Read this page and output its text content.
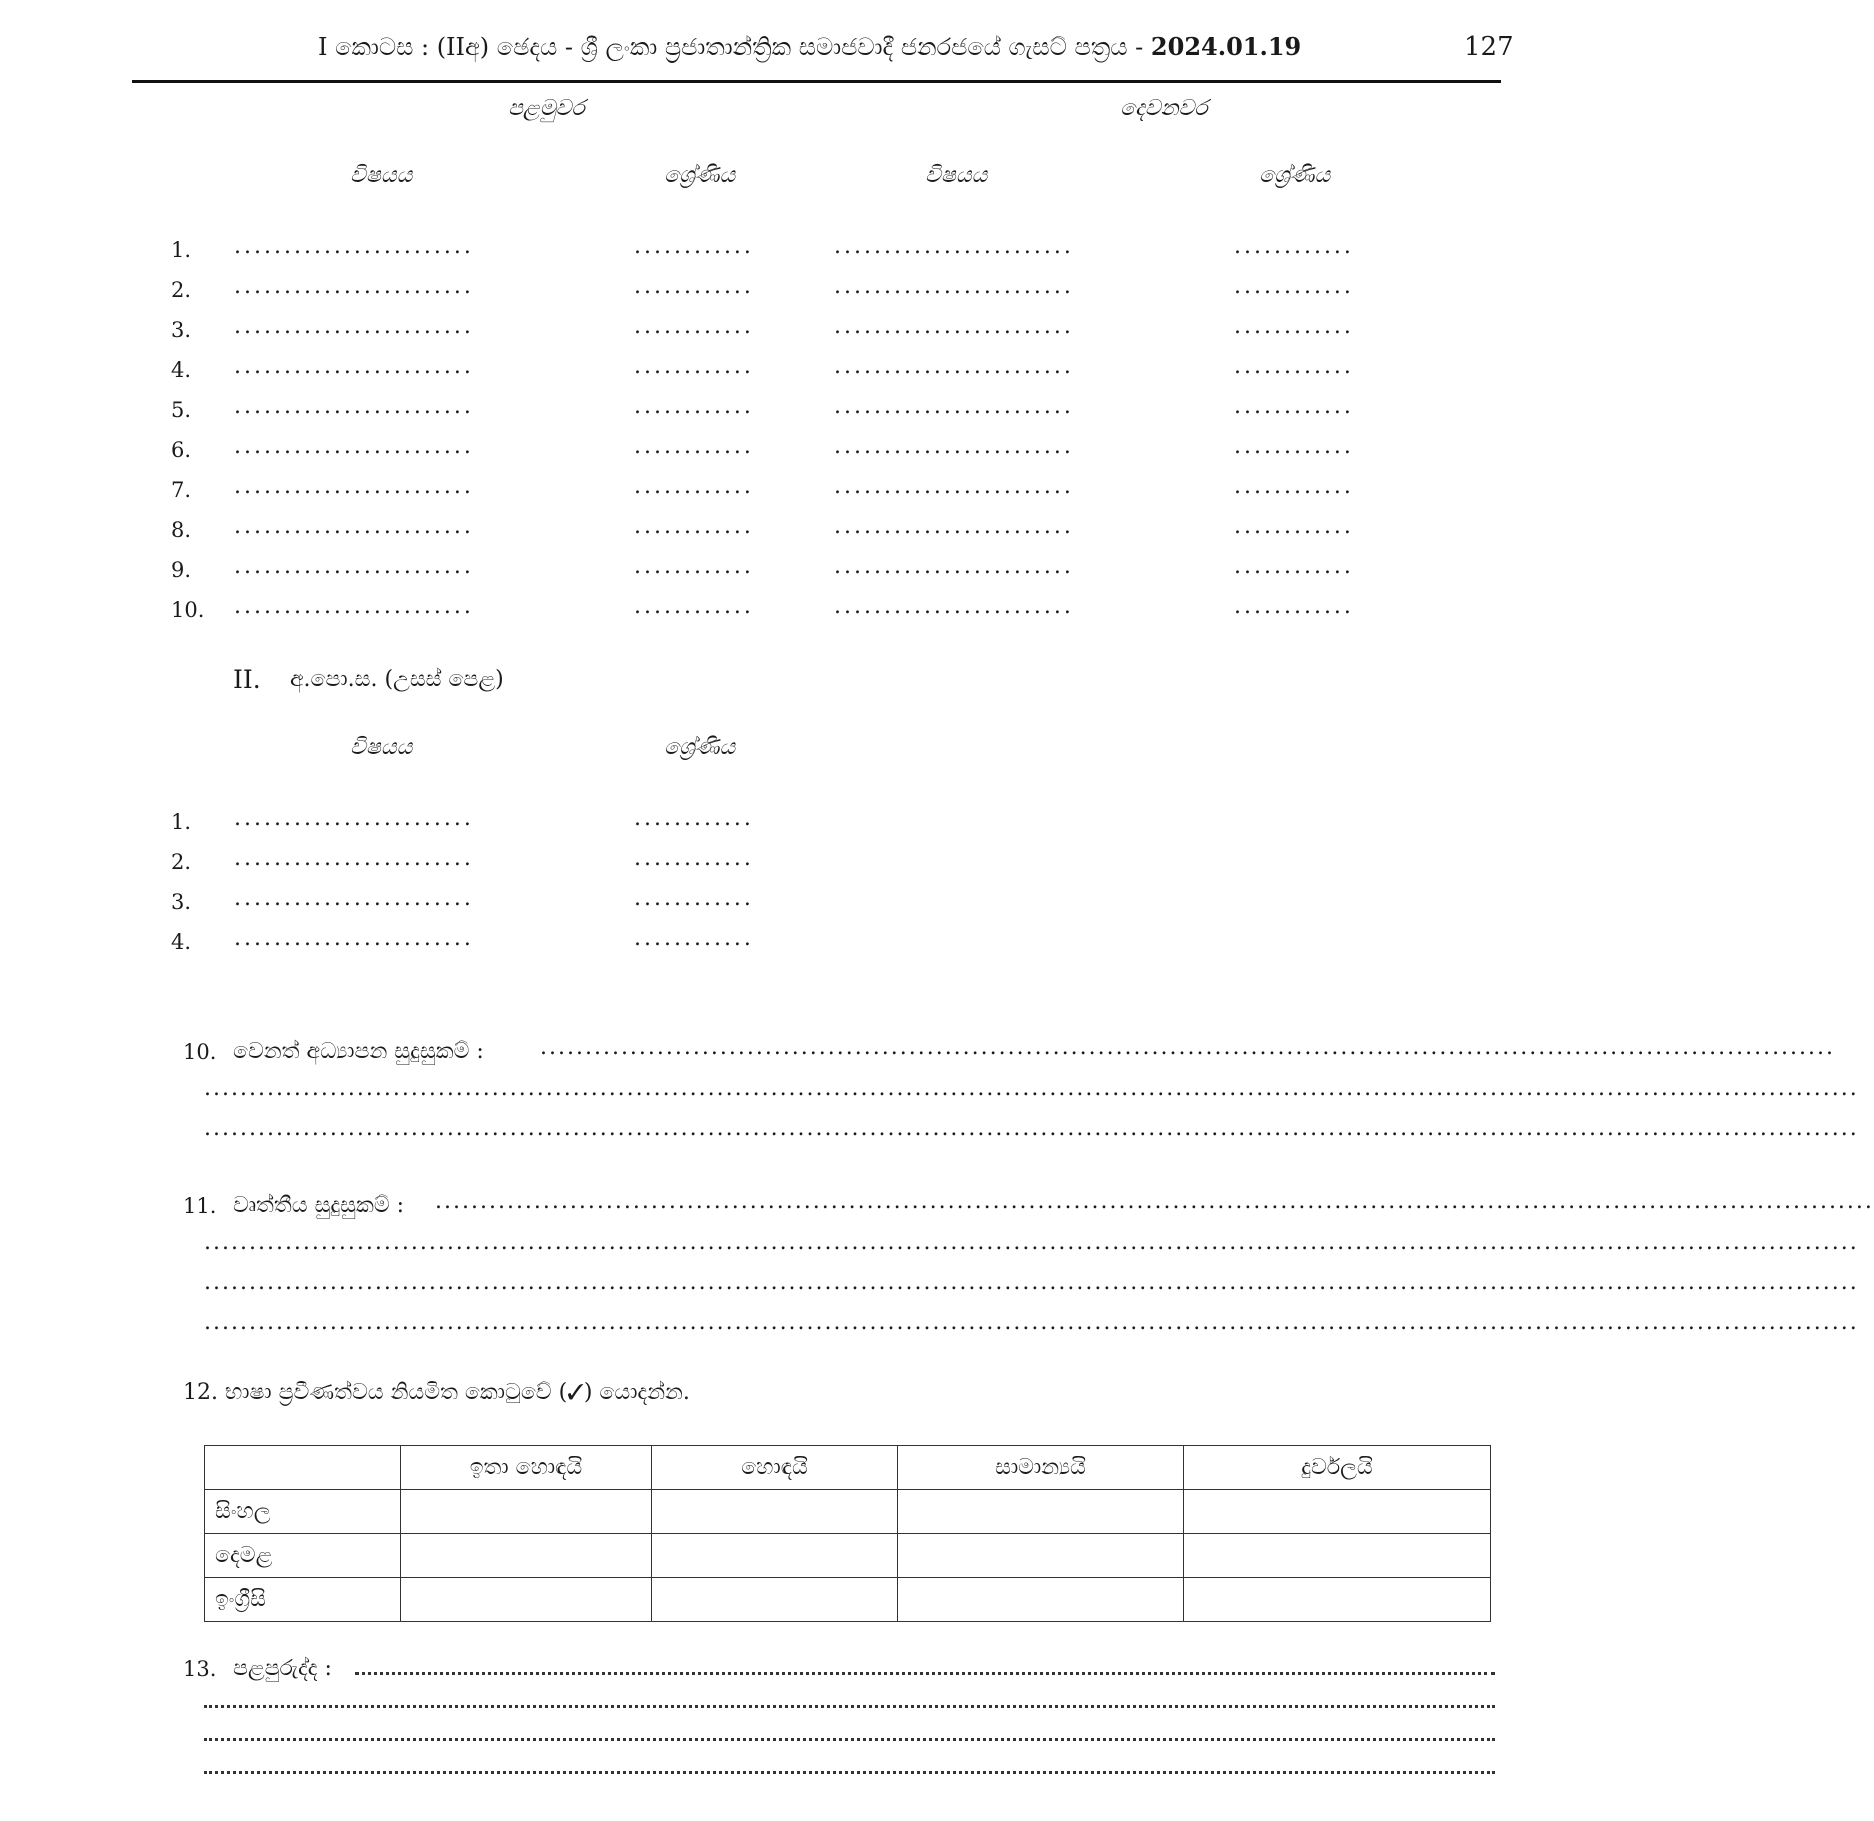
I කොටස : (IIඅ) ඡෙදය - ශ්‍රී ලංකා ප්‍රජාතාන්ත්‍රික සමාජවාදී ජනරජයේ ගැසට් පත්‍රය - 2024.01.19	127
පළමුවර	දෙවනවර
විෂයය	ශ්‍රේණිය	විෂයය	ශ්‍රේණිය
1. ........................	............	........................	............
2. ........................	............	........................	............
3. ........................	............	........................	............
4. ........................	............	........................	............
5. ........................	............	........................	............
6. ........................	............	........................	............
7. ........................	............	........................	............
8. ........................	............	........................	............
9. ........................	............	........................	............
10. ........................	............	........................	............
II. අ.පො.ස. (උසස් පෙළ)
විෂයය	ශ්‍රේණිය
1. ........................	............
2. ........................	............
3. ........................	............
4. ........................	............
10. වෙනත් අධ්‍යාපන සුදුසුකම් :	................................................................................................................................................
........................................................................................................................................................................................
........................................................................................................................................................................................
11. වෘත්තීය සුදුසුකම් : ................................................................................................................................................................
........................................................................................................................................................................................
........................................................................................................................................................................................
........................................................................................................................................................................................
12. භාෂා ප්‍රවීණත්වය නියමිත කොටුවේ (✓) යොදන්න.
	ඉතා හොඳයි	හොඳයි	සාමාන්‍යයි	දුර්වලයි
සිංහල				
දෙමළ				
ඉංග්‍රීසි				
13. පළපුරුද්ද :
